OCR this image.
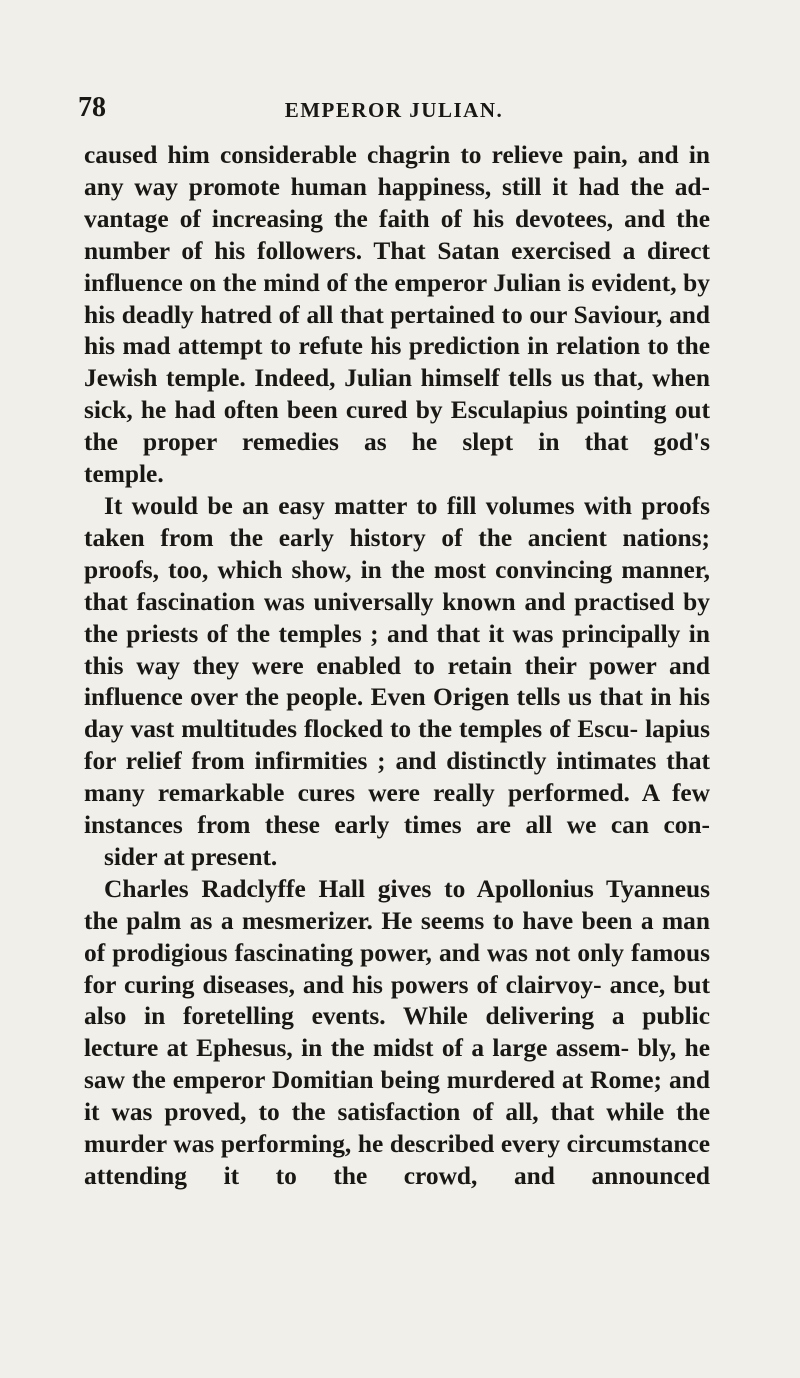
78	EMPEROR JULIAN.

caused him considerable chagrin to relieve pain, and in any way promote human happiness, still it had the ad- vantage of increasing the faith of his devotees, and the number of his followers. That Satan exercised a direct influence on the mind of the emperor Julian is evident, by his deadly hatred of all that pertained to our Saviour, and his mad attempt to refute his prediction in relation to the Jewish temple. Indeed, Julian himself tells us that, when sick, he had often been cured by Esculapius pointing out the proper remedies as he slept in that god's
temple.

It would be an easy matter to fill volumes with proofs taken from the early history of the ancient nations; proofs, too, which show, in the most convincing manner, that fascination was universally known and practised by the priests of the temples ; and that it was principally in this way they were enabled to retain their power and influence over the people. Even Origen tells us that in his day vast multitudes flocked to the temples of Escu- lapius for relief from infirmities ; and distinctly intimates that many remarkable cures were really performed. A few instances from these early times are all we can con-
sider at present.

Charles Radclyffe Hall gives to Apollonius Tyanneus the palm as a mesmerizer. He seems to have been a man of prodigious fascinating power, and was not only famous for curing diseases, and his powers of clairvoy- ance, but also in foretelling events. While delivering a public lecture at Ephesus, in the midst of a large assem- bly, he saw the emperor Domitian being murdered at Rome; and it was proved, to the satisfaction of all, that while the murder was performing, he described every circumstance attending it to the crowd, and announced
